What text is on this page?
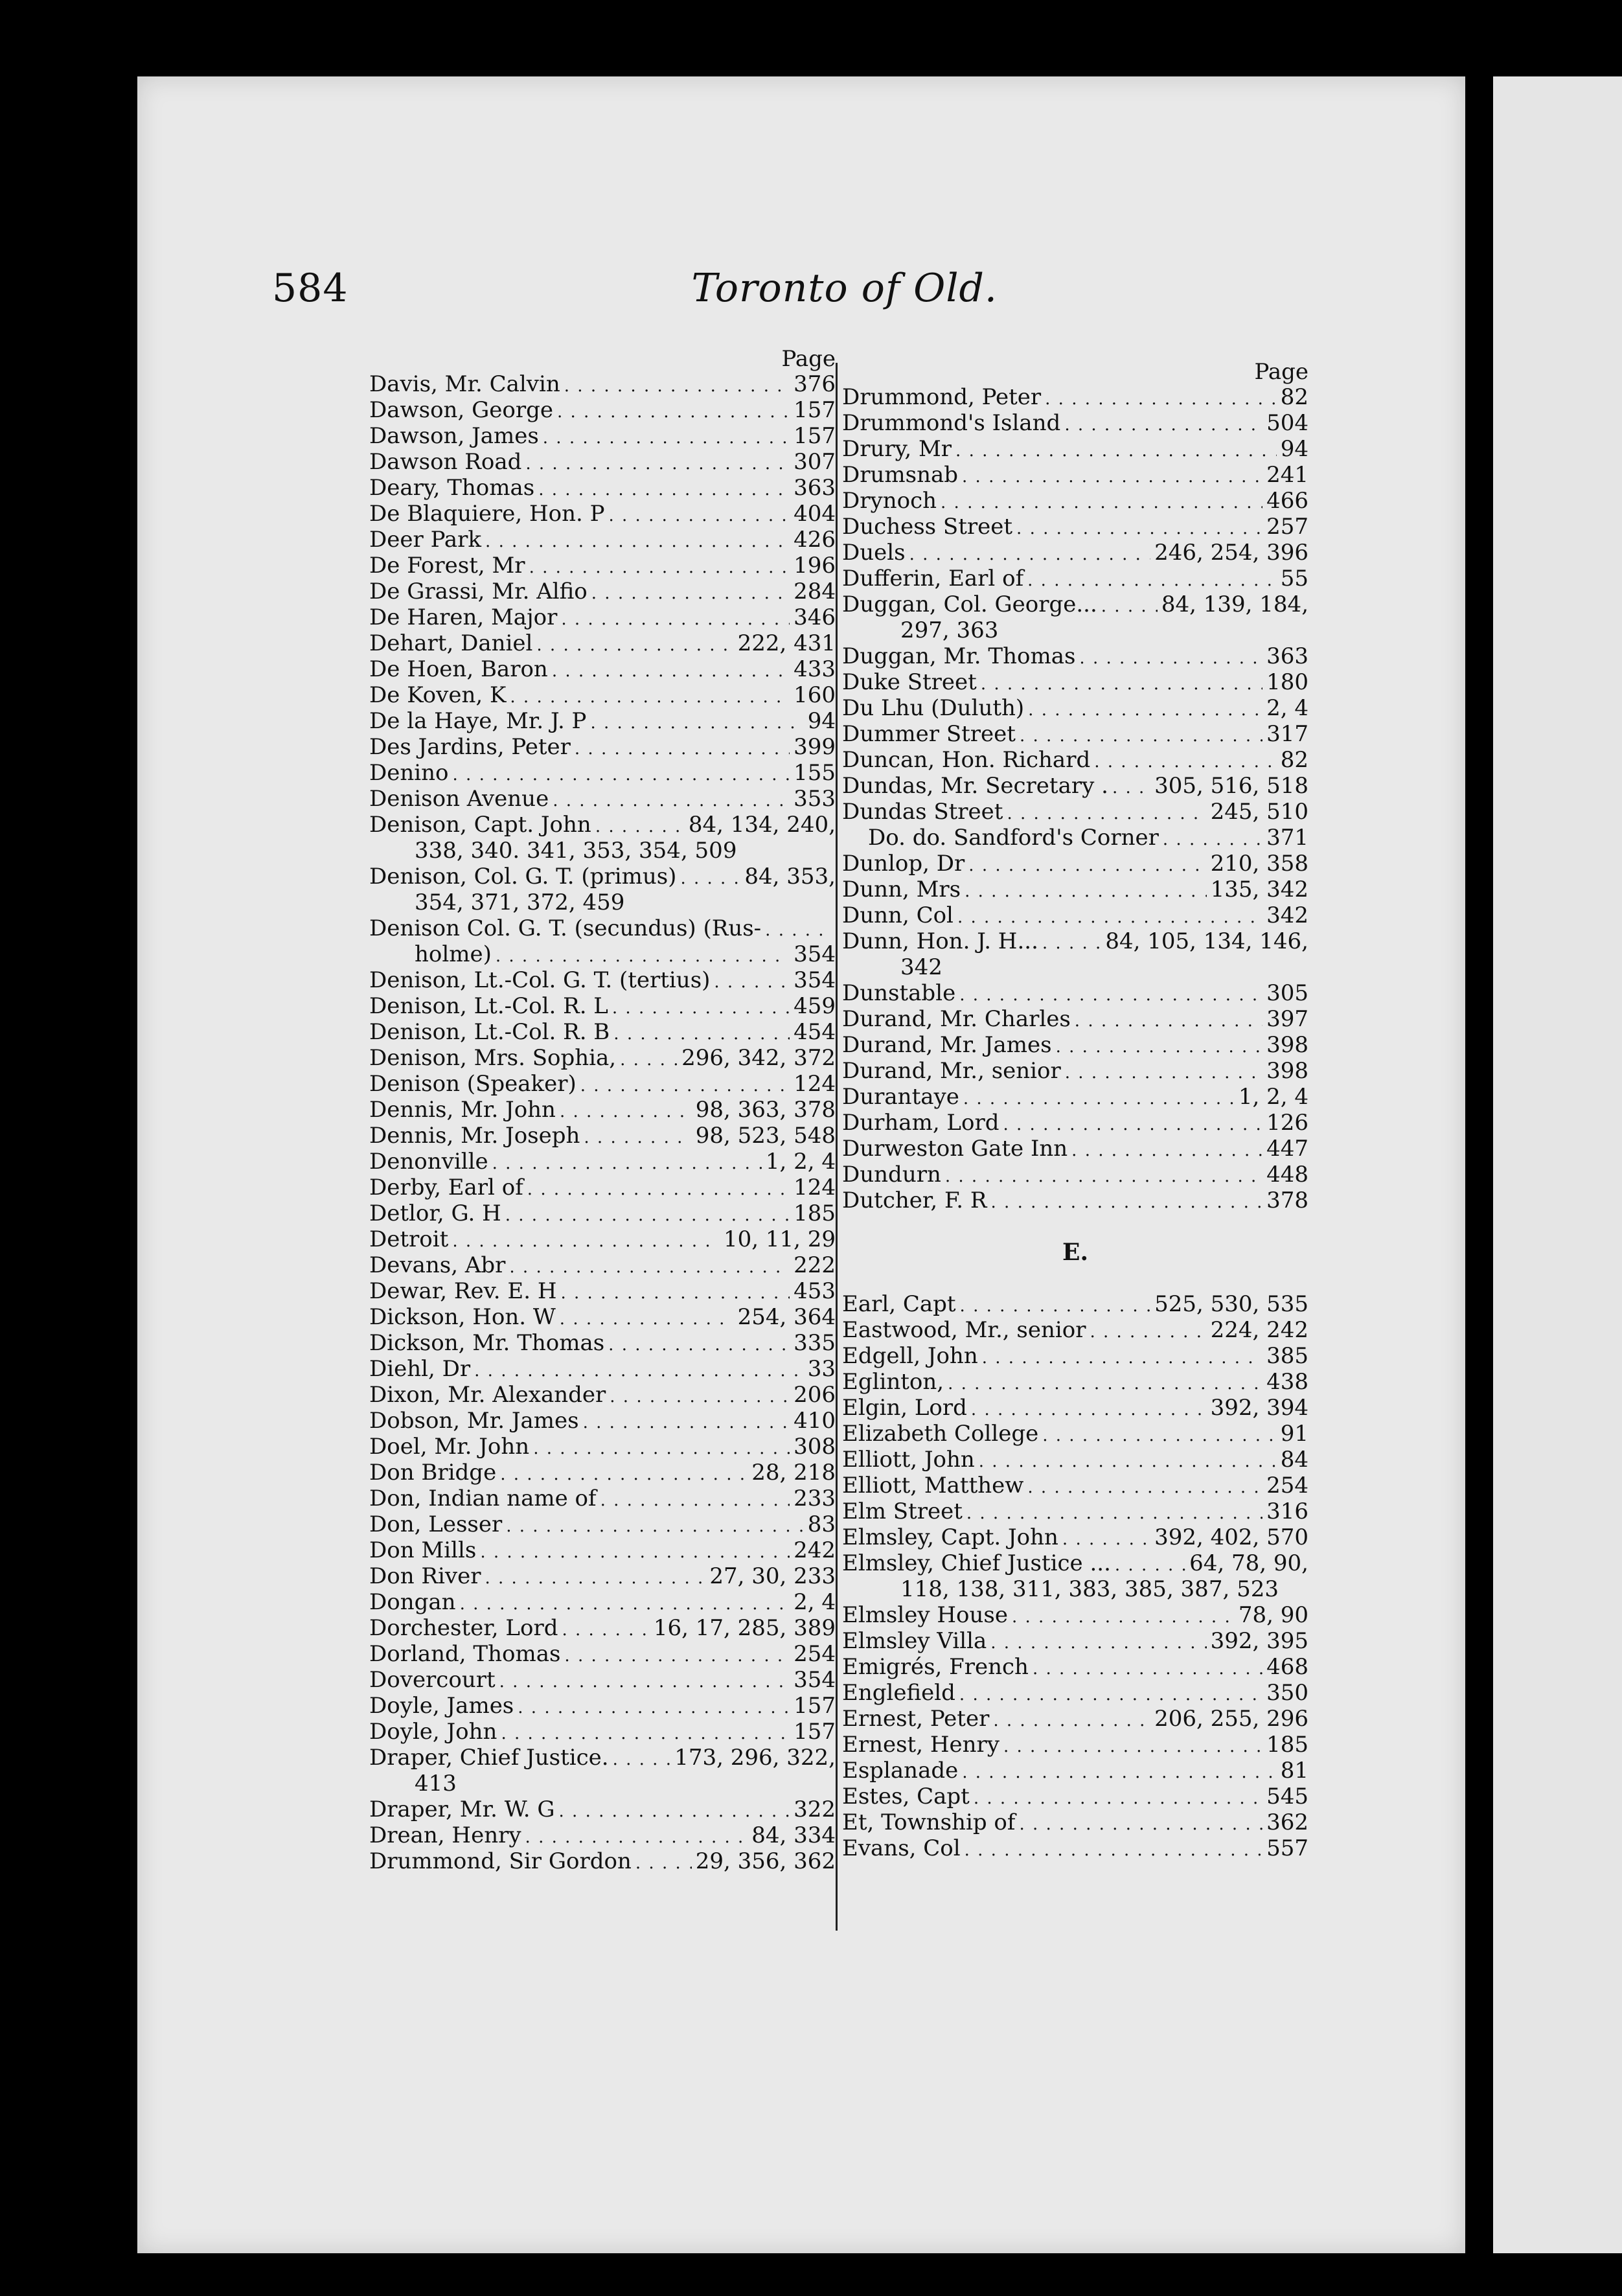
584	Toronto of Old.
Page
Davis, Mr. Calvin . . .	376
Dawson, George . . .	157
Dawson, James . . .	157
Dawson Road . . .	307
Deary, Thomas . . .	363
De Blaquiere, Hon. P . . .	404
Deer Park . . .	426
De Forest, Mr . . .	196
De Grassi, Mr. Alfio . . .	284
De Haren, Major . . .	346
Dehart, Daniel . . .	222, 431
De Hoen, Baron . . .	433
De Koven, K . . .	160
De la Haye, Mr. J. P . . .	94
Des Jardins, Peter . . .	399
Denino . . .	155
Denison Avenue . . .	353
Denison, Capt. John . . .	84, 134, 240,
338, 340. 341, 353, 354, 509
Denison, Col. G. T. (primus) . . .	84, 353,
354, 371, 372, 459
Denison Col. G. T. (secundus) (Rus-
. . .
holme) . . .	354
Denison, Lt.-Col. G. T. (tertius) . . .	354
Denison, Lt.-Col. R. L . . .	459
Denison, Lt.-Col. R. B . . .	454
Denison, Mrs. Sophia, . . .	296, 342, 372
Denison (Speaker) . . .	124
Dennis, Mr. John . . .	98, 363, 378
Dennis, Mr. Joseph . . .	98, 523, 548
Denonville . . .	1, 2, 4
Derby, Earl of . . .	124
Detlor, G. H . . .	185
Detroit . . .	10, 11, 29
Devans, Abr . . .	222
Dewar, Rev. E. H . . .	453
Dickson, Hon. W . . .	254, 364
Dickson, Mr. Thomas . . .	335
Diehl, Dr . . .	33
Dixon, Mr. Alexander . . .	206
Dobson, Mr. James . . .	410
Doel, Mr. John . . .	308
Don Bridge . . .	28, 218
Don, Indian name of . . .	233
Don, Lesser . . .	83
Don Mills . . .	242
Don River . . .	27, 30, 233
Dongan . . .	2, 4
Dorchester, Lord . . .	16, 17, 285, 389
Dorland, Thomas . . .	254
Dovercourt . . .	354
Doyle, James . . .	157
Doyle, John . . .	157
Draper, Chief Justice. . . .	173, 296, 322,
413
Draper, Mr. W. G . . .	322
Drean, Henry . . .	84, 334
Drummond, Sir Gordon . . .	29, 356, 362
Page
Drummond, Peter . . .	82
Drummond's Island . . .	504
Drury, Mr . . .	94
Drumsnab . . .	241
Drynoch . . .	466
Duchess Street . . .	257
Duels . . .	246, 254, 396
Dufferin, Earl of . . .	55
Duggan, Col. George... . . .	84, 139, 184,
297, 363
Duggan, Mr. Thomas . . .	363
Duke Street . . .	180
Du Lhu (Duluth) . . .	2, 4
Dummer Street . . .	317
Duncan, Hon. Richard . . .	82
Dundas, Mr. Secretary . . . . 305, 516, 518
Dundas Street . . .	245, 510
Do. do. Sandford's Corner . . .	371
Dunlop, Dr . . .	210, 358
Dunn, Mrs . . .	135, 342
Dunn, Col . . .	342
Dunn, Hon. J. H... . . .	84, 105, 134, 146,
342
Dunstable . . .	305
Durand, Mr. Charles . . .	397
Durand, Mr. James . . .	398
Durand, Mr., senior . . .	398
Durantaye . . .	1, 2, 4
Durham, Lord . . .	126
Durweston Gate Inn . . .	447
Dundurn . . .	448
Dutcher, F. R . . .	378
E.
Earl, Capt . . .	525, 530, 535
Eastwood, Mr., senior . . .	224, 242
Edgell, John . . .	385
Eglinton, . . .	438
Elgin, Lord . . .	392, 394
Elizabeth College . . .	91
Elliott, John . . .	84
Elliott, Matthew . . .	254
Elm Street . . .	316
Elmsley, Capt. John . . .	392, 402, 570
Elmsley, Chief Justice ... . . .	64, 78, 90,
118, 138, 311, 383, 385, 387, 523
Elmsley House . . .	78, 90
Elmsley Villa . . .	392, 395
Emigrés, French . . .	468
Englefield . . .	350
Ernest, Peter . . .	206, 255, 296
Ernest, Henry . . .	185
Esplanade . . .	81
Estes, Capt . . .	545
Et, Township of . . .	362
Evans, Col . . .	557
